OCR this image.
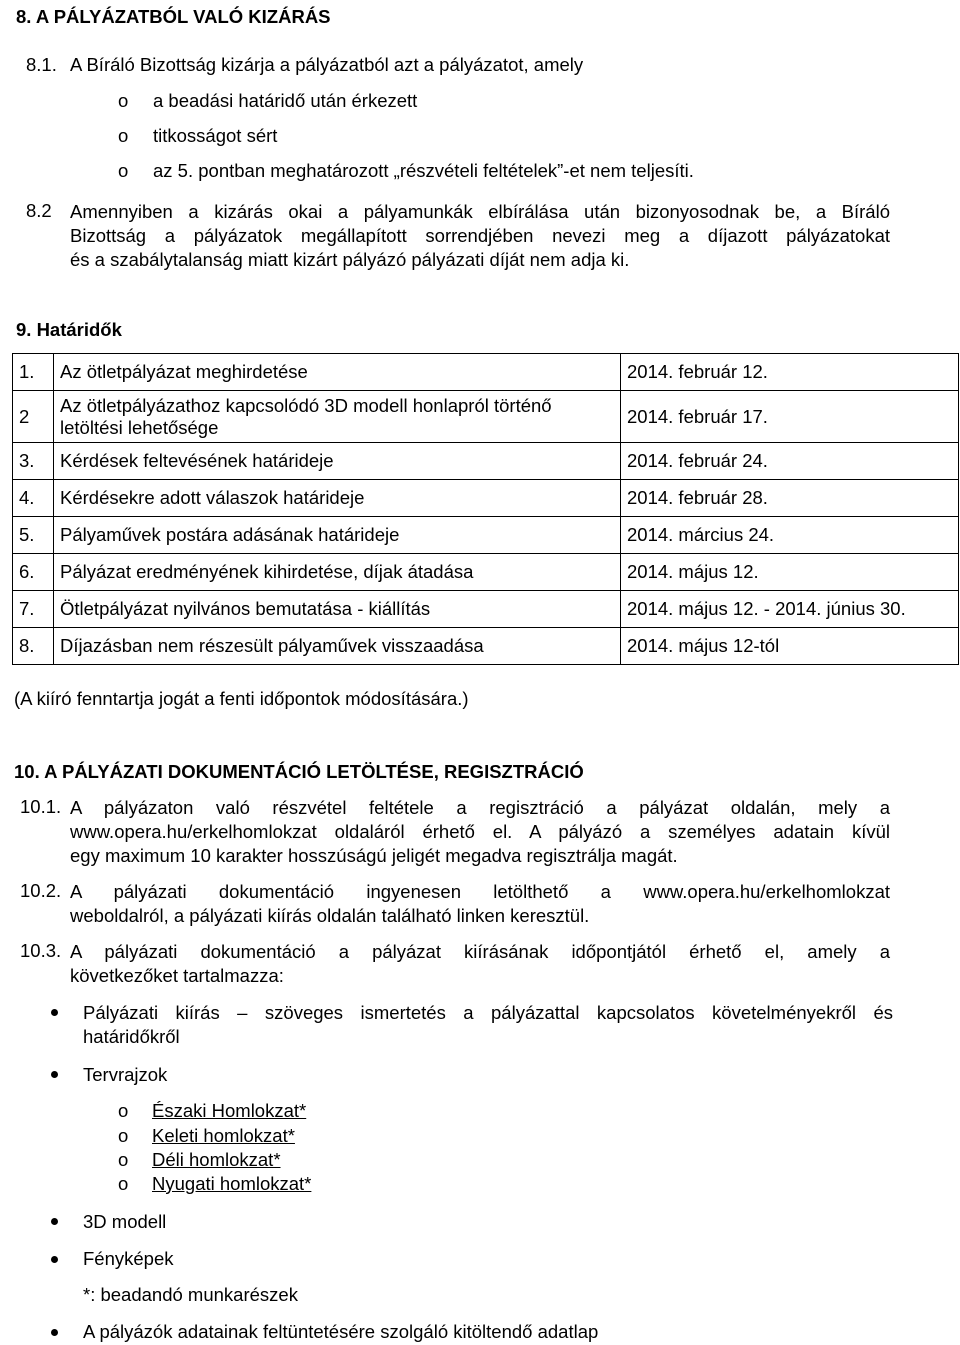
8. A PÁLYÁZATBÓL VALÓ KIZÁRÁS
8.1. A Bíráló Bizottság kizárja a pályázatból azt a pályázatot, amely
o a beadási határidő után érkezett
o titkosságot sért
o az 5. pontban meghatározott „részvételi feltételek”-et nem teljesíti.
8.2 Amennyiben a kizárás okai a pályamunkák elbírálása után bizonyosodnak be, a Bíráló
Bizottság a pályázatok megállapított sorrendjében nevezi meg a díjazott pályázatokat
és a szabálytalanság miatt kizárt pályázó pályázati díját nem adja ki.
9. Határidők
1.	Az ötletpályázat meghirdetése	2014. február 12.
2	Az ötletpályázathoz kapcsolódó 3D modell honlapról történő letöltési lehetősége	2014. február 17.
3.	Kérdések feltevésének határideje	2014. február 24.
4.	Kérdésekre adott válaszok határideje	2014. február 28.
5.	Pályaművek postára adásának határideje	2014. március 24.
6.	Pályázat eredményének kihirdetése, díjak átadása	2014. május 12.
7.	Ötletpályázat nyilvános bemutatása - kiállítás	2014. május 12. - 2014. június 30.
8.	Díjazásban nem részesült pályaművek visszaadása	2014. május 12-tól
(A kiíró fenntartja jogát a fenti időpontok módosítására.)
10. A PÁLYÁZATI DOKUMENTÁCIÓ LETÖLTÉSE, REGISZTRÁCIÓ
10.1. A pályázaton való részvétel feltétele a regisztráció a pályázat oldalán, mely a
www.opera.hu/erkelhomlokzat oldaláról érhető el. A pályázó a személyes adatain kívül
egy maximum 10 karakter hosszúságú jeligét megadva regisztrálja magát.
10.2. A pályázati dokumentáció ingyenesen letölthető a www.opera.hu/erkelhomlokzat
weboldalról, a pályázati kiírás oldalán található linken keresztül.
10.3. A pályázati dokumentáció a pályázat kiírásának időpontjától érhető el, amely a
következőket tartalmazza:
Pályázati kiírás – szöveges ismertetés a pályázattal kapcsolatos követelményekről és
határidőkről
Tervrajzok
o Északi Homlokzat*
o Keleti homlokzat*
o Déli homlokzat*
o Nyugati homlokzat*
3D modell
Fényképek
*: beadandó munkarészek
A pályázók adatainak feltüntetésére szolgáló kitöltendő adatlap
